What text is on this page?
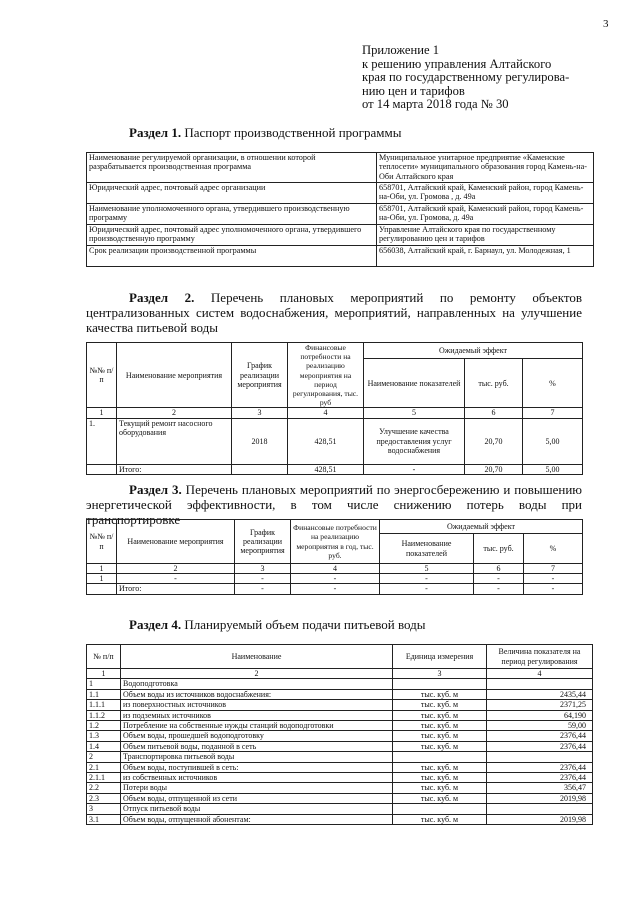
3
Приложение 1
к решению управления Алтайского
края по государственному регулирова-
нию цен и тарифов
от 14 марта 2018 года № 30
Раздел 1. Паспорт производственной программы
Наименование регулируемой организации, в отношении которой разрабатывается производственная программа	Муниципальное унитарное предприятие «Каменские теплосети» муниципального образования город Камень-на-Оби Алтайского края
Юридический адрес, почтовый адрес организации	658701, Алтайский край, Каменский район, город Камень-на-Оби, ул. Громова , д. 49а
Наименование уполномоченного органа, утвердившего производственную программу	658701, Алтайский край, Каменский район, город Камень-на-Оби, ул. Громова, д. 49а
Юридический адрес, почтовый адрес уполномоченного органа, утвердившего производственную программу	Управление Алтайского края по государственному регулированию цен и тарифов
Срок реализации производственной программы	656038, Алтайский край, г. Барнаул, ул. Молодежная, 1
Раздел 2. Перечень плановых мероприятий по ремонту объектов централизованных систем водоснабжения, мероприятий, направленных на улучшение качества питьевой воды
№№ п/п	Наименование мероприятия	График реализации мероприятия	Финансовые потребности на реализацию мероприятия на период регулирования, тыс. руб	Ожидаемый эффект		
				Наименование показателей	тыс. руб.	%
1	2	3	4	5	6	7
1.	Текущий ремонт насосного оборудования	2018	428,51	Улучшение качества предоставления услуг водоснабжения	20,70	5,00
	Итого:		428,51	-	20,70	5,00
Раздел 3. Перечень плановых мероприятий по энергосбережению и повышению энергетической эффективности, в том числе снижению потерь воды при транспортировке
№№ п/п	Наименование мероприятия	График реализации мероприятия	Финансовые потребности на реализацию мероприятия в год, тыс. руб.	Ожидаемый эффект		
				Наименование показателей	тыс. руб.	%
1	2	3	4	5	6	7
1	-	-	-	-	-	-
	Итого:	-	-	-	-	-
Раздел 4. Планируемый объем подачи питьевой воды
№ п/п	Наименование	Единица измерения	Величина показателя на период регулирования
1	2	3	4
1	Водоподготовка		
1.1	Объем воды из источников водоснабжения:	тыс. куб. м	2435,44
1.1.1	из поверхностных источников	тыс. куб. м	2371,25
1.1.2	из подземных источников	тыс. куб. м	64,190
1.2	Потребление на собственные нужды станций водоподготовки	тыс. куб. м	59,00
1.3	Объем воды, прошедшей водоподготовку	тыс. куб. м	2376,44
1.4	Объем питьевой воды, поданной в сеть	тыс. куб. м	2376,44
2	Транспортировка питьевой воды		
2.1	Объем воды, поступившей в сеть:	тыс. куб. м	2376,44
2.1.1	из собственных источников	тыс. куб. м	2376,44
2.2	Потери воды	тыс. куб. м	356,47
2.3	Объем воды, отпущенной из сети	тыс. куб. м	2019,98
3	Отпуск питьевой воды		
3.1	Объем воды, отпущенной абонентам:	тыс. куб. м	2019,98
